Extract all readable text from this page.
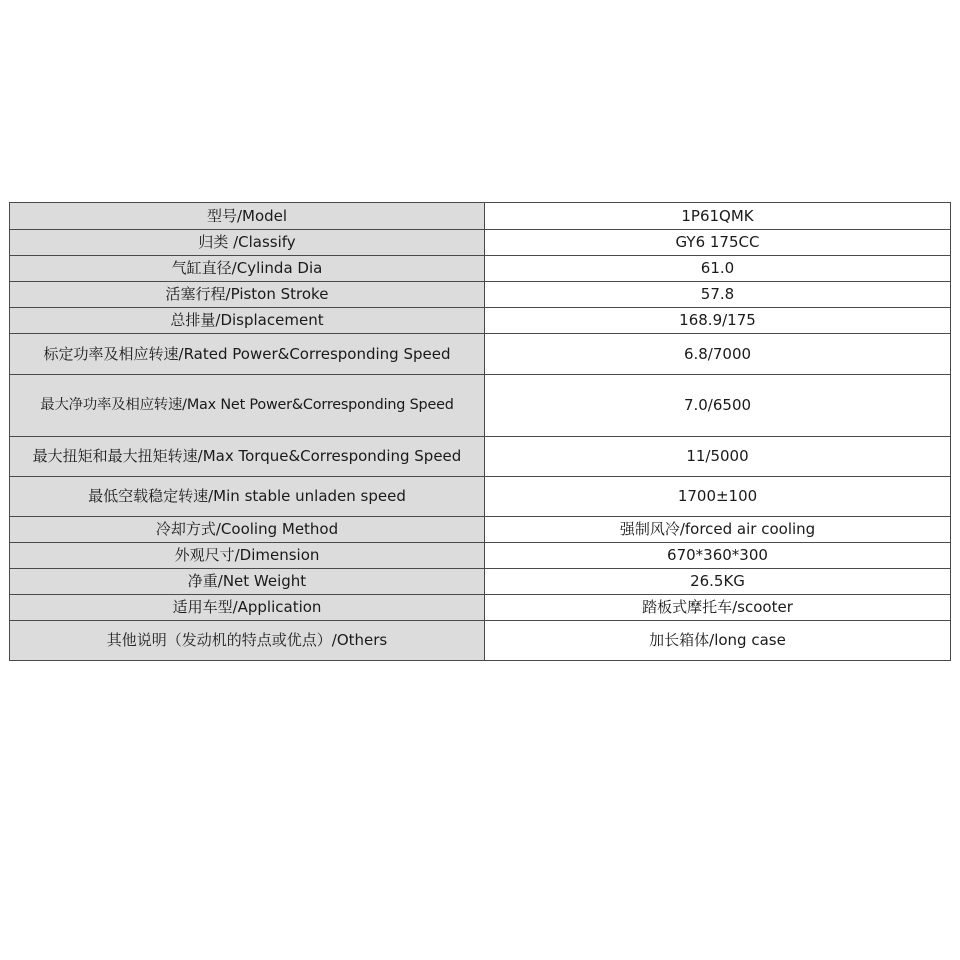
型号/Model	1P61QMK
归类 /Classify	GY6 175CC
气缸直径/Cylinda Dia	61.0
活塞行程/Piston Stroke	57.8
总排量/Displacement	168.9/175
标定功率及相应转速/Rated Power&Corresponding Speed	6.8/7000
最大净功率及相应转速/Max Net Power&Corresponding Speed	7.0/6500
最大扭矩和最大扭矩转速/Max Torque&Corresponding Speed	11/5000
最低空载稳定转速/Min stable unladen speed	1700±100
冷却方式/Cooling Method	强制风冷/forced air cooling
外观尺寸/Dimension	670*360*300
净重/Net Weight	26.5KG
适用车型/Application	踏板式摩托车/scooter
其他说明（发动机的特点或优点）/Others	加长箱体/long case
